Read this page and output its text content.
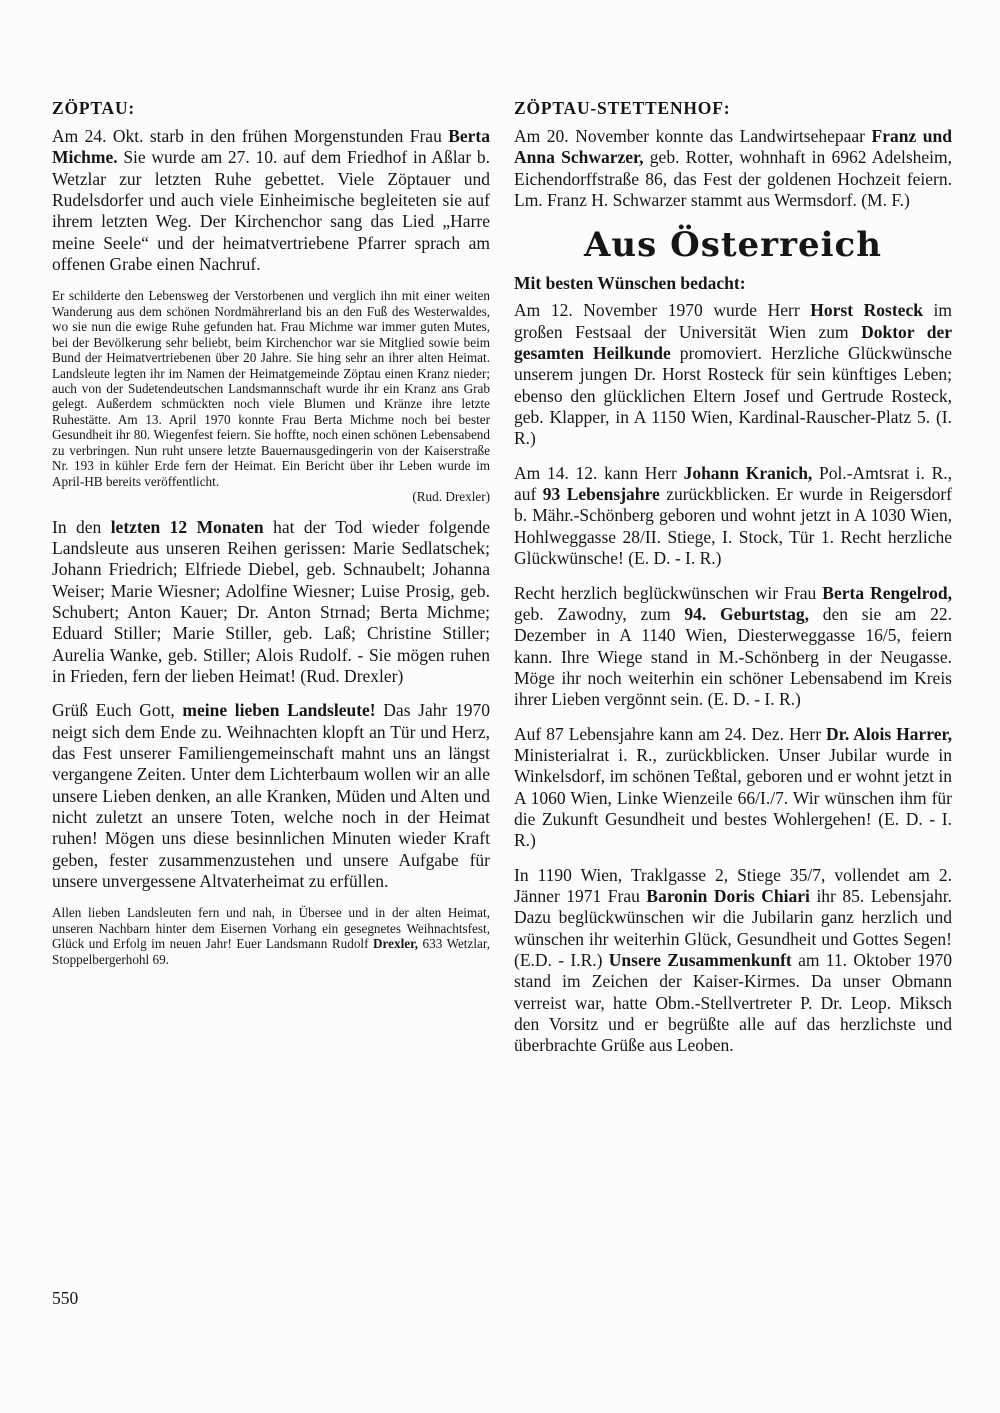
ZÖPTAU:

Am 24. Okt. starb in den frühen Morgenstunden Frau Berta Michme. Sie wurde am 27. 10. auf dem Friedhof in Aßlar b. Wetzlar zur letzten Ruhe gebettet. Viele Zöptauer und Rudelsdorfer und auch viele Einheimische begleiteten sie auf ihrem letzten Weg. Der Kirchenchor sang das Lied „Harre meine Seele“ und der heimatvertriebene Pfarrer sprach am offenen Grabe einen Nachruf.

Er schilderte den Lebensweg der Verstorbenen und verglich ihn mit einer weiten Wanderung aus dem schönen Nordmährerland bis an den Fuß des Westerwaldes, wo sie nun die ewige Ruhe gefunden hat. Frau Michme war immer guten Mutes, bei der Bevölkerung sehr beliebt, beim Kirchenchor war sie Mitglied sowie beim Bund der Heimatvertriebenen über 20 Jahre. Sie hing sehr an ihrer alten Heimat. Landsleute legten ihr im Namen der Heimatgemeinde Zöptau einen Kranz nieder; auch von der Sudetendeutschen Landsmannschaft wurde ihr ein Kranz ans Grab gelegt. Außerdem schmückten noch viele Blumen und Kränze ihre letzte Ruhestätte. Am 13. April 1970 konnte Frau Berta Michme noch bei bester Gesundheit ihr 80. Wiegenfest feiern. Sie hoffte, noch einen schönen Lebensabend zu verbringen. Nun ruht unsere letzte Bauernausgedingerin von der Kaiserstraße Nr. 193 in kühler Erde fern der Heimat. Ein Bericht über ihr Leben wurde im April-HB bereits veröffentlicht.

(Rud. Drexler)

In den letzten 12 Monaten hat der Tod wieder folgende Landsleute aus unseren Reihen gerissen: Marie Sedlatschek; Johann Friedrich; Elfriede Diebel, geb. Schnaubelt; Johanna Weiser; Marie Wiesner; Adolfine Wiesner; Luise Prosig, geb. Schubert; Anton Kauer; Dr. Anton Strnad; Berta Michme; Eduard Stiller; Marie Stiller, geb. Laß; Christine Stiller; Aurelia Wanke, geb. Stiller; Alois Rudolf. - Sie mögen ruhen in Frieden, fern der lieben Heimat! (Rud. Drexler)

Grüß Euch Gott, meine lieben Landsleute! Das Jahr 1970 neigt sich dem Ende zu. Weihnachten klopft an Tür und Herz, das Fest unserer Familiengemeinschaft mahnt uns an längst vergangene Zeiten. Unter dem Lichterbaum wollen wir an alle unsere Lieben denken, an alle Kranken, Müden und Alten und nicht zuletzt an unsere Toten, welche noch in der Heimat ruhen! Mögen uns diese besinnlichen Minuten wieder Kraft geben, fester zusammenzustehen und unsere Aufgabe für unsere unvergessene Altvaterheimat zu erfüllen.

Allen lieben Landsleuten fern und nah, in Übersee und in der alten Heimat, unseren Nachbarn hinter dem Eisernen Vorhang ein gesegnetes Weihnachtsfest, Glück und Erfolg im neuen Jahr! Euer Landsmann Rudolf Drexler, 633 Wetzlar, Stoppelbergerhohl 69.

ZÖPTAU-STETTENHOF:

Am 20. November konnte das Landwirtsehepaar Franz und Anna Schwarzer, geb. Rotter, wohnhaft in 6962 Adelsheim, Eichendorffstraße 86, das Fest der goldenen Hochzeit feiern. Lm. Franz H. Schwarzer stammt aus Wermsdorf. (M. F.)

Aus Österreich
Mit besten Wünschen bedacht:

Am 12. November 1970 wurde Herr Horst Rosteck im großen Festsaal der Universität Wien zum Doktor der gesamten Heilkunde promoviert. Herzliche Glückwünsche unserem jungen Dr. Horst Rosteck für sein künftiges Leben; ebenso den glücklichen Eltern Josef und Gertrude Rosteck, geb. Klapper, in A 1150 Wien, Kardinal-Rauscher-Platz 5. (I. R.)

Am 14. 12. kann Herr Johann Kranich, Pol.-Amtsrat i. R., auf 93 Lebensjahre zurückblicken. Er wurde in Reigersdorf b. Mähr.-Schönberg geboren und wohnt jetzt in A 1030 Wien, Hohlweggasse 28/II. Stiege, I. Stock, Tür 1. Recht herzliche Glückwünsche! (E. D. - I. R.)

Recht herzlich beglückwünschen wir Frau Berta Rengelrod, geb. Zawodny, zum 94. Geburtstag, den sie am 22. Dezember in A 1140 Wien, Diesterweggasse 16/5, feiern kann. Ihre Wiege stand in M.-Schönberg in der Neugasse. Möge ihr noch weiterhin ein schöner Lebensabend im Kreis ihrer Lieben vergönnt sein. (E. D. - I. R.)

Auf 87 Lebensjahre kann am 24. Dez. Herr Dr. Alois Harrer, Ministerialrat i. R., zurückblicken. Unser Jubilar wurde in Winkelsdorf, im schönen Teßtal, geboren und er wohnt jetzt in A 1060 Wien, Linke Wienzeile 66/I./7. Wir wünschen ihm für die Zukunft Gesundheit und bestes Wohlergehen! (E. D. - I. R.)

In 1190 Wien, Traklgasse 2, Stiege 35/7, vollendet am 2. Jänner 1971 Frau Baronin Doris Chiari ihr 85. Lebensjahr. Dazu beglückwünschen wir die Jubilarin ganz herzlich und wünschen ihr weiterhin Glück, Gesundheit und Gottes Segen! (E.D. - I.R.) Unsere Zusammenkunft am 11. Oktober 1970 stand im Zeichen der Kaiser-Kirmes. Da unser Obmann verreist war, hatte Obm.-Stellvertreter P. Dr. Leop. Miksch den Vorsitz und er begrüßte alle auf das herzlichste und überbrachte Grüße aus Leoben.

550
